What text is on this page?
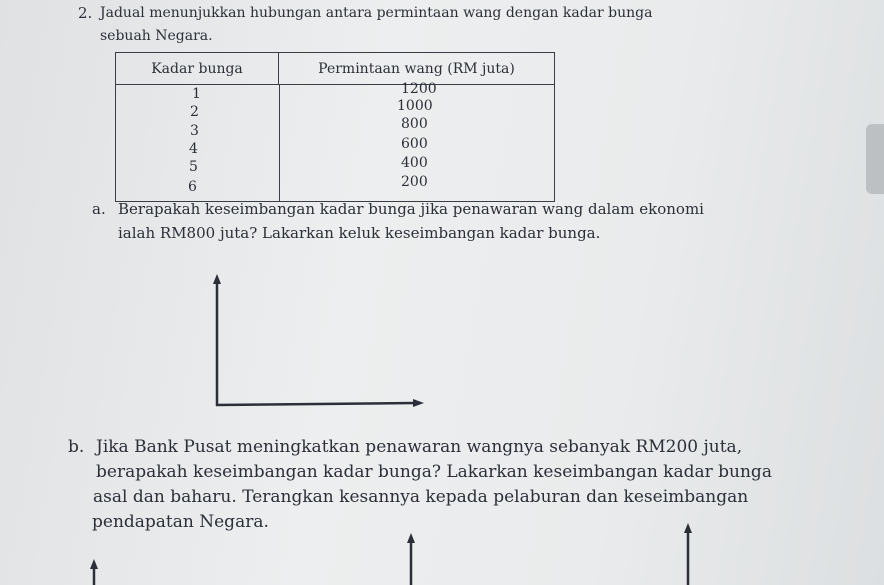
2. Jadual menunjukkan hubungan antara permintaan wang dengan kadar bunga
sebuah Negara.
Kadar bunga	Permintaan wang (RM juta)
1
2
3
4
5
6
1200
1000
800
600
400
200
a. Berapakah keseimbangan kadar bunga jika penawaran wang dalam ekonomi
ialah RM800 juta? Lakarkan keluk keseimbangan kadar bunga.
b. Jika Bank Pusat meningkatkan penawaran wangnya sebanyak RM200 juta,
berapakah keseimbangan kadar bunga? Lakarkan keseimbangan kadar bunga
asal dan baharu. Terangkan kesannya kepada pelaburan dan keseimbangan
pendapatan Negara.
